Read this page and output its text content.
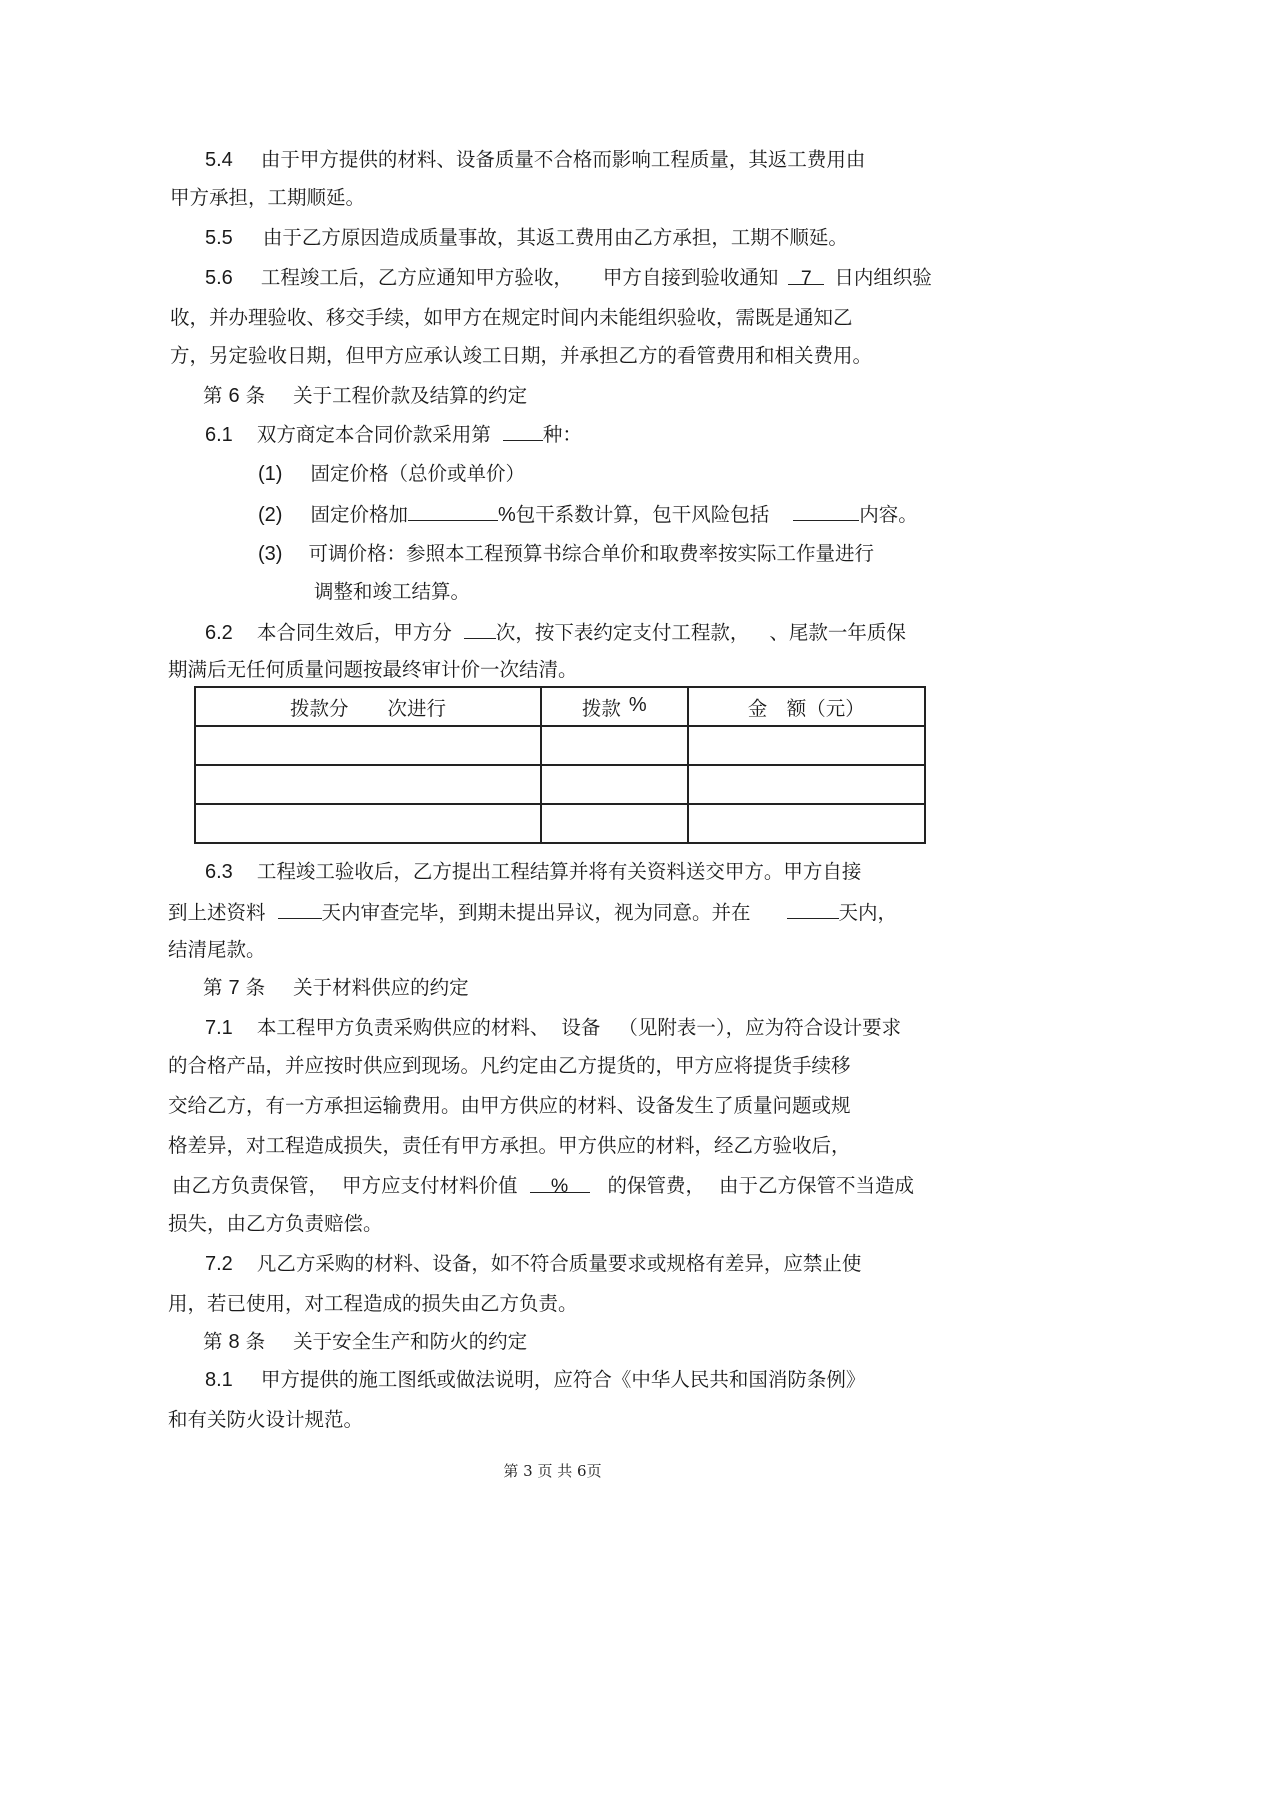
5.4 由于甲方提供的材料、设备质量不合格而影响工程质量，其返工费用由
甲方承担，工期顺延。
5.5 由于乙方原因造成质量事故，其返工费用由乙方承担，工期不顺延。
5.6 工程竣工后，乙方应通知甲方验收， 甲方自接到验收通知 7 日内组织验
收，并办理验收、移交手续，如甲方在规定时间内未能组织验收，需既是通知乙
方，另定验收日期，但甲方应承认竣工日期，并承担乙方的看管费用和相关费用。
第 6 条 关于工程价款及结算的约定
6.1 双方商定本合同价款采用第	种：
(1) 固定价格（总价或单价）
(2) 固定价格加	%包干系数计算，包干风险包括	内容。
(3) 可调价格：参照本工程预算书综合单价和取费率按实际工作量进行
调整和竣工结算。
6.2 本合同生效后，甲方分 次，按下表约定支付工程款， 、尾款一年质保
期满后无任何质量问题按最终审计价一次结清。
拨款分　　次进行	拨款 %	金　额（元）

6.3 工程竣工验收后，乙方提出工程结算并将有关资料送交甲方。甲方自接
到上述资料	天内审查完毕，到期未提出异议，视为同意。并在	天内，
结清尾款。
第 7 条 关于材料供应的约定
7.1 本工程甲方负责采购供应的材料、 设备 （见附表一），应为符合设计要求
的合格产品，并应按时供应到现场。凡约定由乙方提货的，甲方应将提货手续移
交给乙方，有一方承担运输费用。由甲方供应的材料、设备发生了质量问题或规
格差异，对工程造成损失，责任有甲方承担。甲方供应的材料，经乙方验收后，
由乙方负责保管， 甲方应支付材料价值 % 的保管费， 由于乙方保管不当造成
损失，由乙方负责赔偿。
7.2 凡乙方采购的材料、设备，如不符合质量要求或规格有差异，应禁止使
用，若已使用，对工程造成的损失由乙方负责。
第 8 条 关于安全生产和防火的约定
8.1 甲方提供的施工图纸或做法说明，应符合《中华人民共和国消防条例》
和有关防火设计规范。
第 3 页 共 6页
